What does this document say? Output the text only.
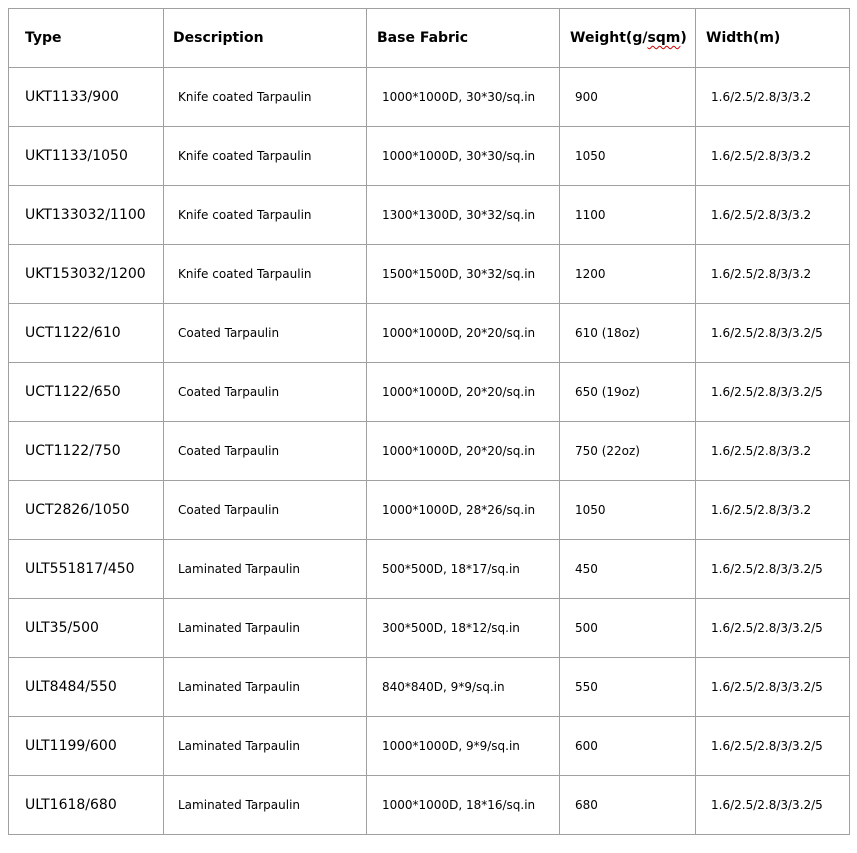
Type	Description	Base Fabric	Weight(g/sqm)	Width(m)
UKT1133/900	Knife coated Tarpaulin	1000*1000D, 30*30/sq.in	900	1.6/2.5/2.8/3/3.2
UKT1133/1050	Knife coated Tarpaulin	1000*1000D, 30*30/sq.in	1050	1.6/2.5/2.8/3/3.2
UKT133032/1100	Knife coated Tarpaulin	1300*1300D, 30*32/sq.in	1100	1.6/2.5/2.8/3/3.2
UKT153032/1200	Knife coated Tarpaulin	1500*1500D, 30*32/sq.in	1200	1.6/2.5/2.8/3/3.2
UCT1122/610	Coated Tarpaulin	1000*1000D, 20*20/sq.in	610 (18oz)	1.6/2.5/2.8/3/3.2/5
UCT1122/650	Coated Tarpaulin	1000*1000D, 20*20/sq.in	650 (19oz)	1.6/2.5/2.8/3/3.2/5
UCT1122/750	Coated Tarpaulin	1000*1000D, 20*20/sq.in	750 (22oz)	1.6/2.5/2.8/3/3.2
UCT2826/1050	Coated Tarpaulin	1000*1000D, 28*26/sq.in	1050	1.6/2.5/2.8/3/3.2
ULT551817/450	Laminated Tarpaulin	500*500D, 18*17/sq.in	450	1.6/2.5/2.8/3/3.2/5
ULT35/500	Laminated Tarpaulin	300*500D, 18*12/sq.in	500	1.6/2.5/2.8/3/3.2/5
ULT8484/550	Laminated Tarpaulin	840*840D, 9*9/sq.in	550	1.6/2.5/2.8/3/3.2/5
ULT1199/600	Laminated Tarpaulin	1000*1000D, 9*9/sq.in	600	1.6/2.5/2.8/3/3.2/5
ULT1618/680	Laminated Tarpaulin	1000*1000D, 18*16/sq.in	680	1.6/2.5/2.8/3/3.2/5
